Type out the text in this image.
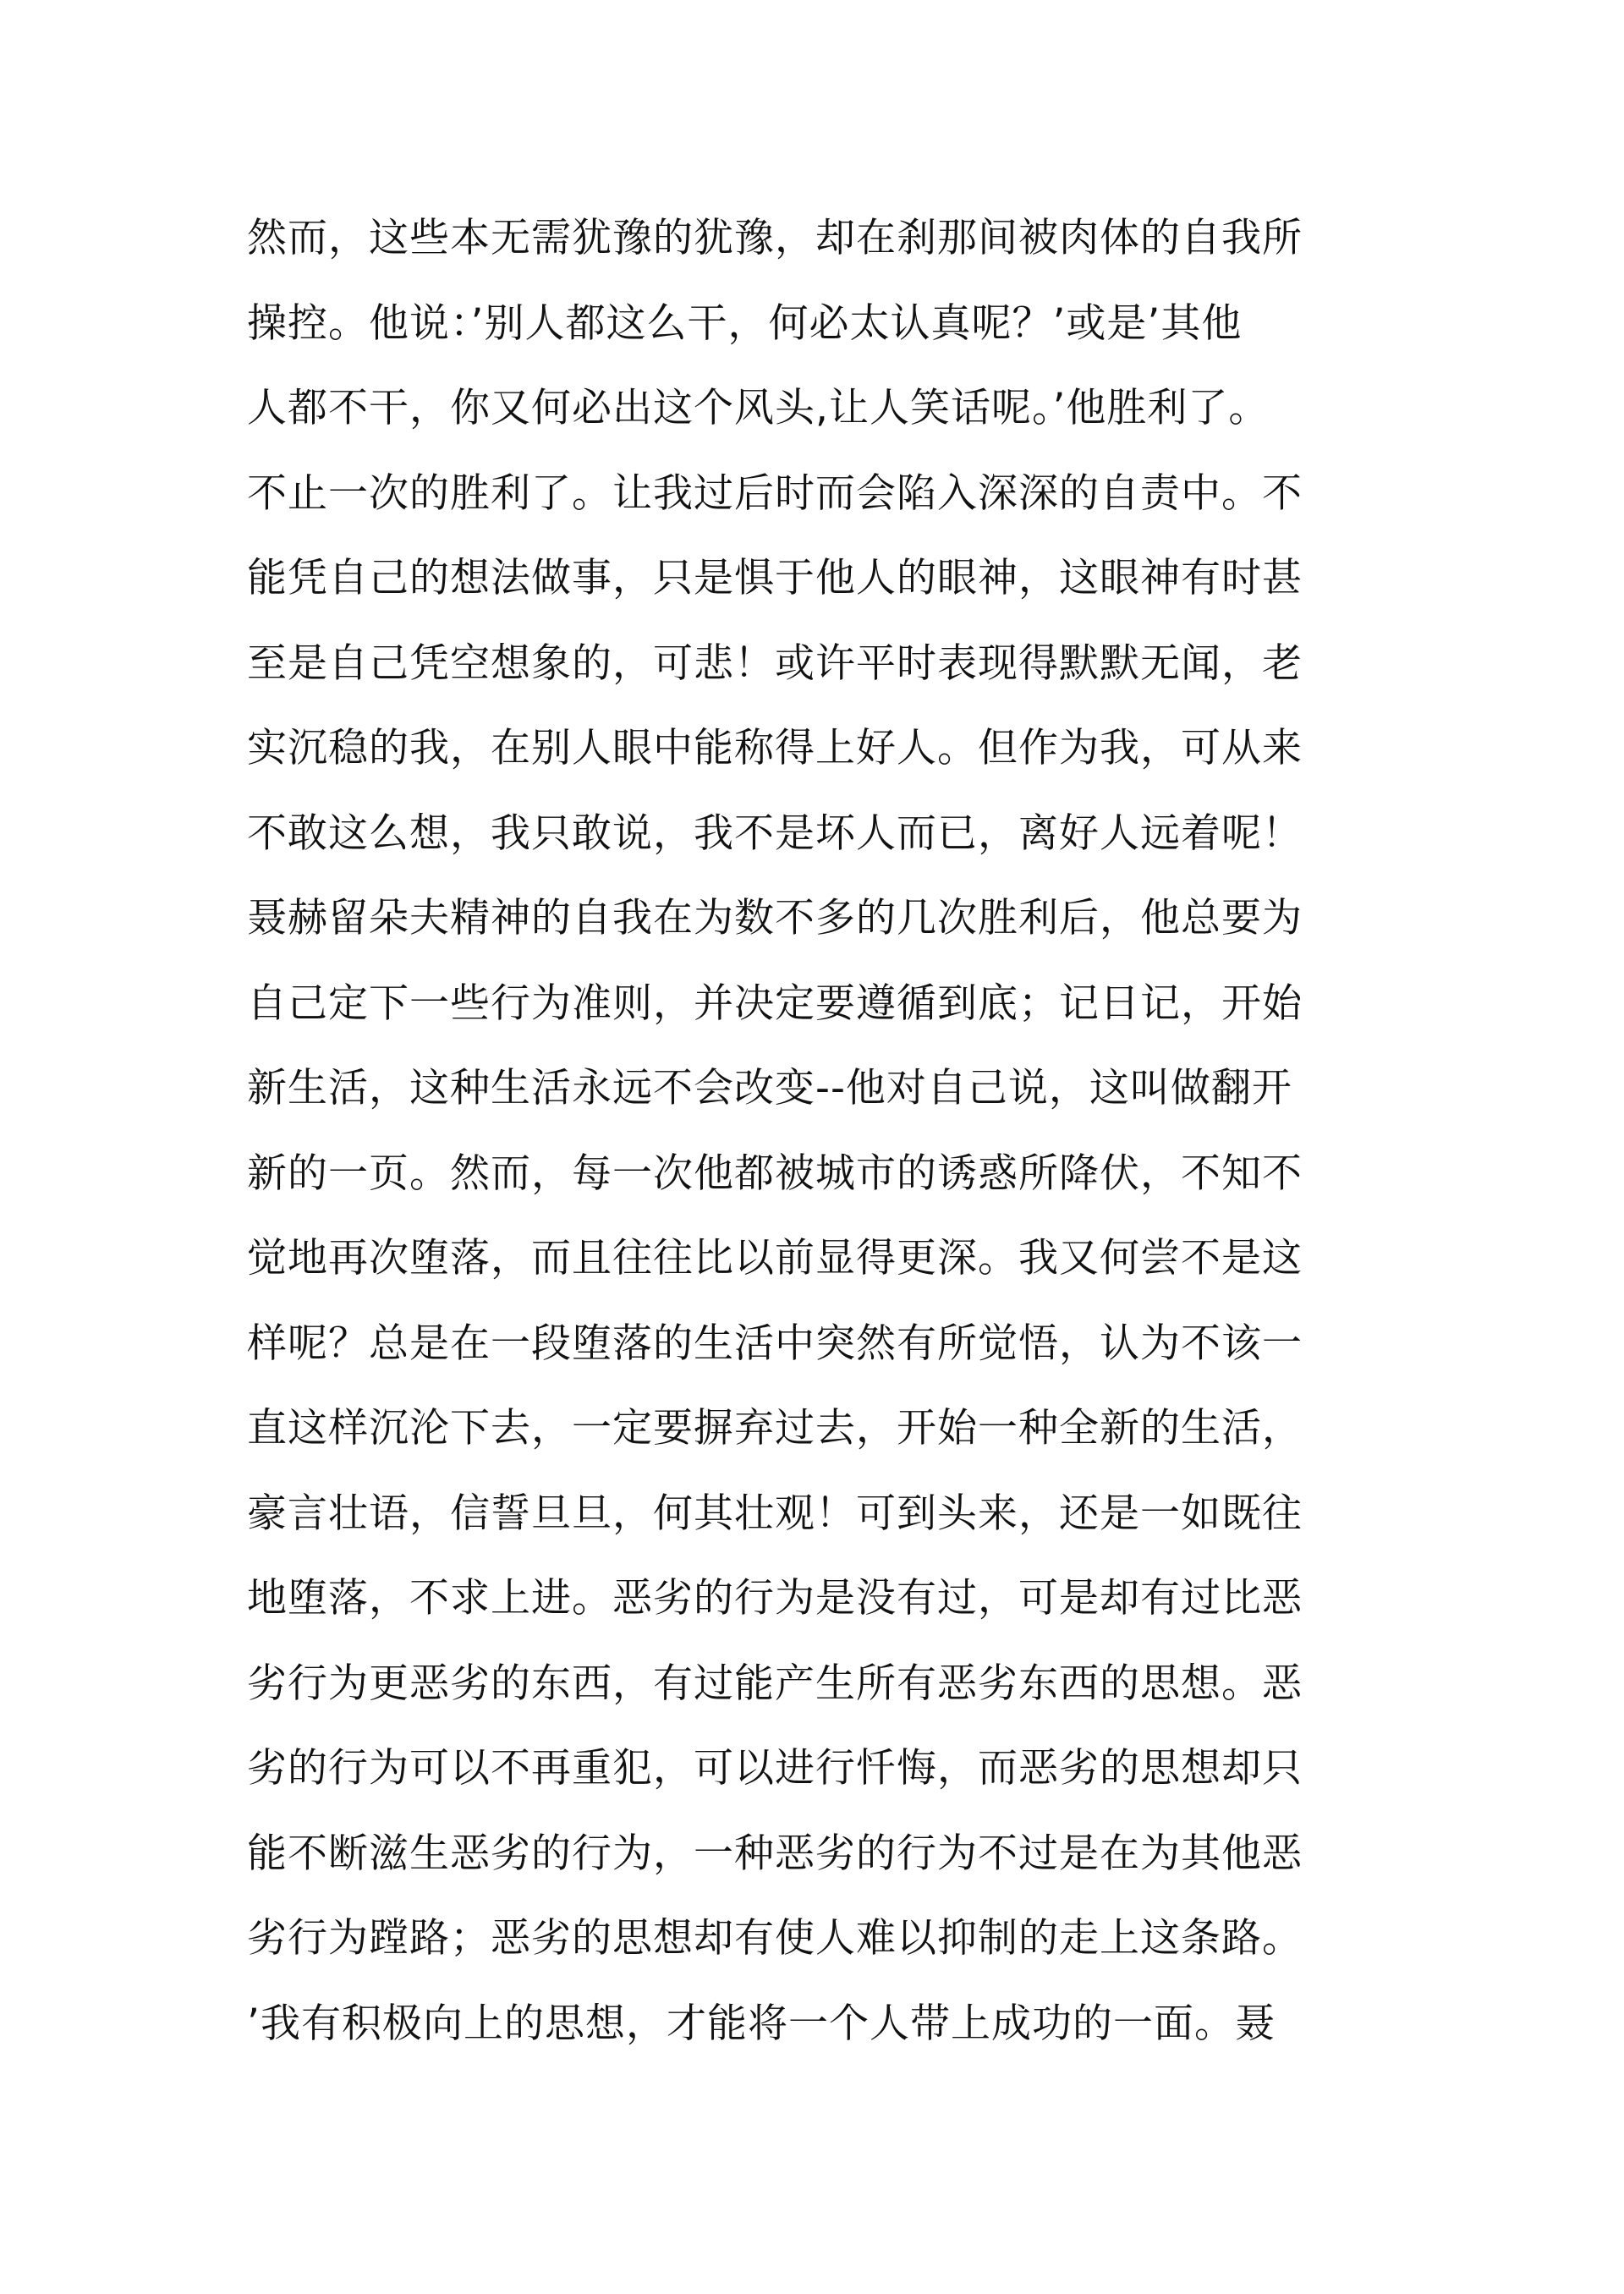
然而，这些本无需犹豫的犹豫，却在刹那间被肉体的自我所
操控。他说：’别人都这么干，何必太认真呢？’或是’其他
人都不干，你又何必出这个风头,让人笑话呢。’他胜利了。
不止一次的胜利了。让我过后时而会陷入深深的自责中。不
能凭自己的想法做事，只是惧于他人的眼神，这眼神有时甚
至是自己凭空想象的，可悲！或许平时表现得默默无闻，老
实沉稳的我，在别人眼中能称得上好人。但作为我，可从来
不敢这么想，我只敢说，我不是坏人而已，离好人远着呢！
聂赫留朵夫精神的自我在为数不多的几次胜利后，他总要为
自己定下一些行为准则，并决定要遵循到底；记日记，开始
新生活，这种生活永远不会改变--他对自己说，这叫做翻开
新的一页。然而，每一次他都被城市的诱惑所降伏，不知不
觉地再次堕落，而且往往比以前显得更深。我又何尝不是这
样呢？总是在一段堕落的生活中突然有所觉悟，认为不该一
直这样沉沦下去，一定要摒弃过去，开始一种全新的生活，
豪言壮语，信誓旦旦，何其壮观！可到头来，还是一如既往
地堕落，不求上进。恶劣的行为是没有过，可是却有过比恶
劣行为更恶劣的东西，有过能产生所有恶劣东西的思想。恶
劣的行为可以不再重犯，可以进行忏悔，而恶劣的思想却只
能不断滋生恶劣的行为，一种恶劣的行为不过是在为其他恶
劣行为蹚路；恶劣的思想却有使人难以抑制的走上这条路。
’我有积极向上的思想，才能将一个人带上成功的一面。聂
